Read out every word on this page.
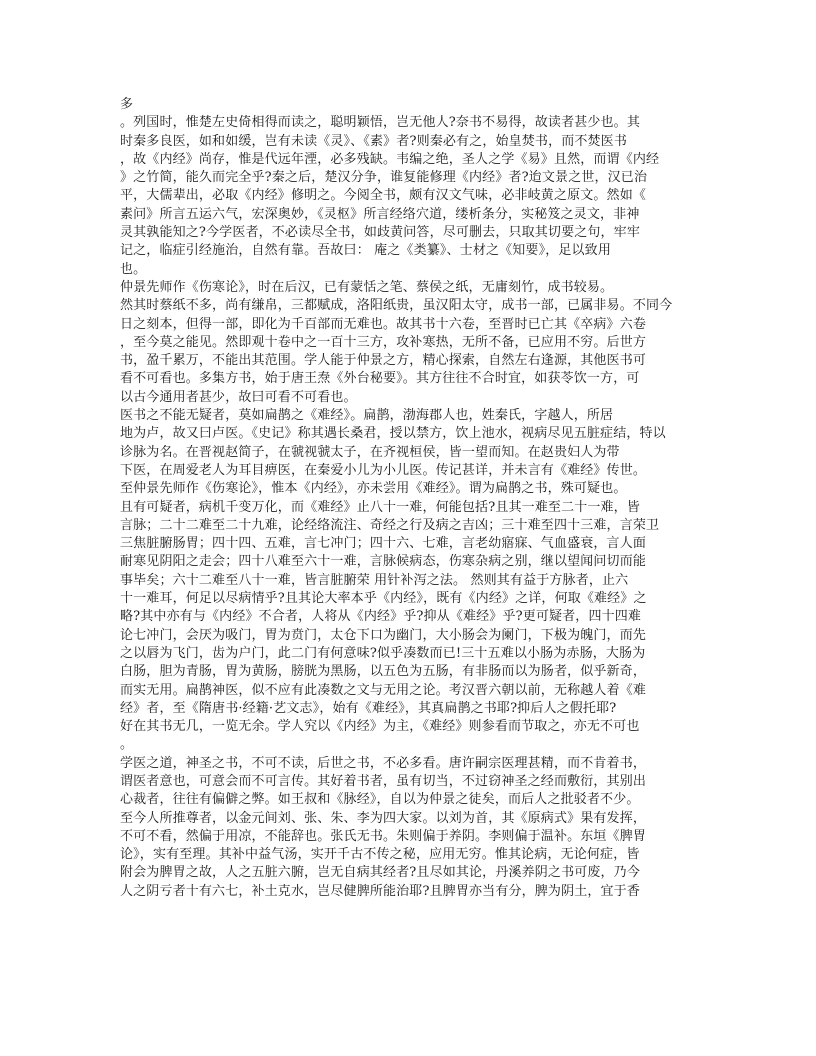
多
。列国时，惟楚左史倚相得而读之，聪明颖悟，岂无他人?奈书不易得，故读者甚少也。其
时秦多良医，如和如缓，岂有未读《灵》、《素》者?则秦必有之，始皇焚书，而不焚医书
，故《内经》尚存，惟是代远年湮，必多残缺。韦编之绝，圣人之学《易》且然，而谓《内经
》之竹简，能久而完全乎?秦之后，楚汉分争，谁复能修理《内经》者?迨文景之世，汉已治
平，大儒辈出，必取《内经》修明之。今阅全书，颇有汉文气味，必非岐黄之原文。然如《
素问》所言五运六气，宏深奥妙，《灵枢》所言经络穴道，缕析条分，实秘笈之灵文，非神
灵其孰能知之?今学医者，不必读尽全书，如歧黄问答，尽可删去，只取其切要之句，牢牢
记之，临症引经施治，自然有靠。吾故曰： 庵之《类纂》、士材之《知要》，足以致用
也。
仲景先师作《伤寒论》，时在后汉，已有蒙恬之笔、蔡侯之纸，无庸刻竹，成书较易。
然其时蔡纸不多，尚有缣帛，三都赋成，洛阳纸贵，虽汉阳太守，成书一部，已属非易。不同今
日之刻本，但得一部，即化为千百部而无难也。故其书十六卷，至晋时已亡其《卒病》六卷
，至今莫之能见。然即观十卷中之一百十三方，攻补寒热，无所不备，已应用不穷。后世方
书，盈千累万，不能出其范围。学人能于仲景之方，精心探索，自然左右逢源，其他医书可
看不可看也。多集方书，始于唐王焘《外台秘要》。其方往往不合时宜，如获苓饮一方，可
以古今通用者甚少，故曰可看不可看也。
医书之不能无疑者，莫如扁鹊之《难经》。扁鹊，渤海郡人也，姓秦氏，字越人，所居
地为卢，故又曰卢医。《史记》称其遇长桑君，授以禁方，饮上池水，视病尽见五脏症结，特以
诊脉为名。在晋视赵简子，在虢视虢太子，在齐视桓侯，皆一望而知。在赵贵妇人为带
下医，在周爱老人为耳目痹医，在秦爱小儿为小儿医。传记甚详，并未言有《难经》传世。
至仲景先师作《伤寒论》，惟本《内经》，亦未尝用《难经》。谓为扁鹊之书，殊可疑也。
且有可疑者，病机千变万化，而《难经》止八十一难，何能包括?且其一难至二十一难，皆
言脉；二十二难至二十九难，论经络流注、奇经之行及病之吉凶；三十难至四十三难，言荣卫
三焦脏腑肠胃；四十四、五难，言七冲门；四十六、七难，言老幼寤寐、气血盛衰，言人面
耐寒见阴阳之走会；四十八难至六十一难，言脉候病态，伤寒杂病之别，继以望闻问切而能
事毕矣；六十二难至八十一难，皆言脏腑荣 用针补泻之法。 然则其有益于方脉者，止六
十一难耳，何足以尽病情乎?且其论大率本乎《内经》，既有《内经》之详，何取《难经》之
略?其中亦有与《内经》不合者，人将从《内经》乎?抑从《难经》乎?更可疑者，四十四难
论七冲门，会厌为吸门，胃为贲门，太仓下口为幽门，大小肠会为阑门，下极为魄门，而先
之以唇为飞门，齿为户门，此二门有何意味?似乎凑数而已!三十五难以小肠为赤肠，大肠为
白肠，胆为青肠，胃为黄肠，膀胱为黑肠，以五色为五肠，有非肠而以为肠者，似乎新奇，
而实无用。扁鹊神医，似不应有此凑数之文与无用之论。考汉晋六朝以前，无称越人着《难
经》者，至《隋唐书·经籍·艺文志》，始有《难经》，其真扁鹊之书耶?抑后人之假托耶?
好在其书无几，一览无余。学人究以《内经》为主，《难经》则参看而节取之，亦无不可也
。
学医之道，神圣之书，不可不读，后世之书，不必多看。唐许嗣宗医理甚精，而不肯着书，
谓医者意也，可意会而不可言传。其好着书者，虽有切当，不过窃神圣之经而敷衍，其别出
心裁者，往往有偏僻之弊。如王叔和《脉经》，自以为仲景之徒矣，而后人之批驳者不少。
至今人所推尊者，以金元间刘、张、朱、李为四大家。以刘为首，其《原病式》果有发挥，
不可不看，然偏于用凉，不能辞也。张氏无书。朱则偏于养阴。李则偏于温补。东垣《脾胃
论》，实有至理。其补中益气汤，实开千古不传之秘，应用无穷。惟其论病，无论何症，皆
附会为脾胃之故，人之五脏六腑，岂无自病其经者?且尽如其论，丹溪养阴之书可废，乃今
人之阴亏者十有六七，补土克水，岂尽健脾所能治耶?且脾胃亦当有分，脾为阴土，宜于香
